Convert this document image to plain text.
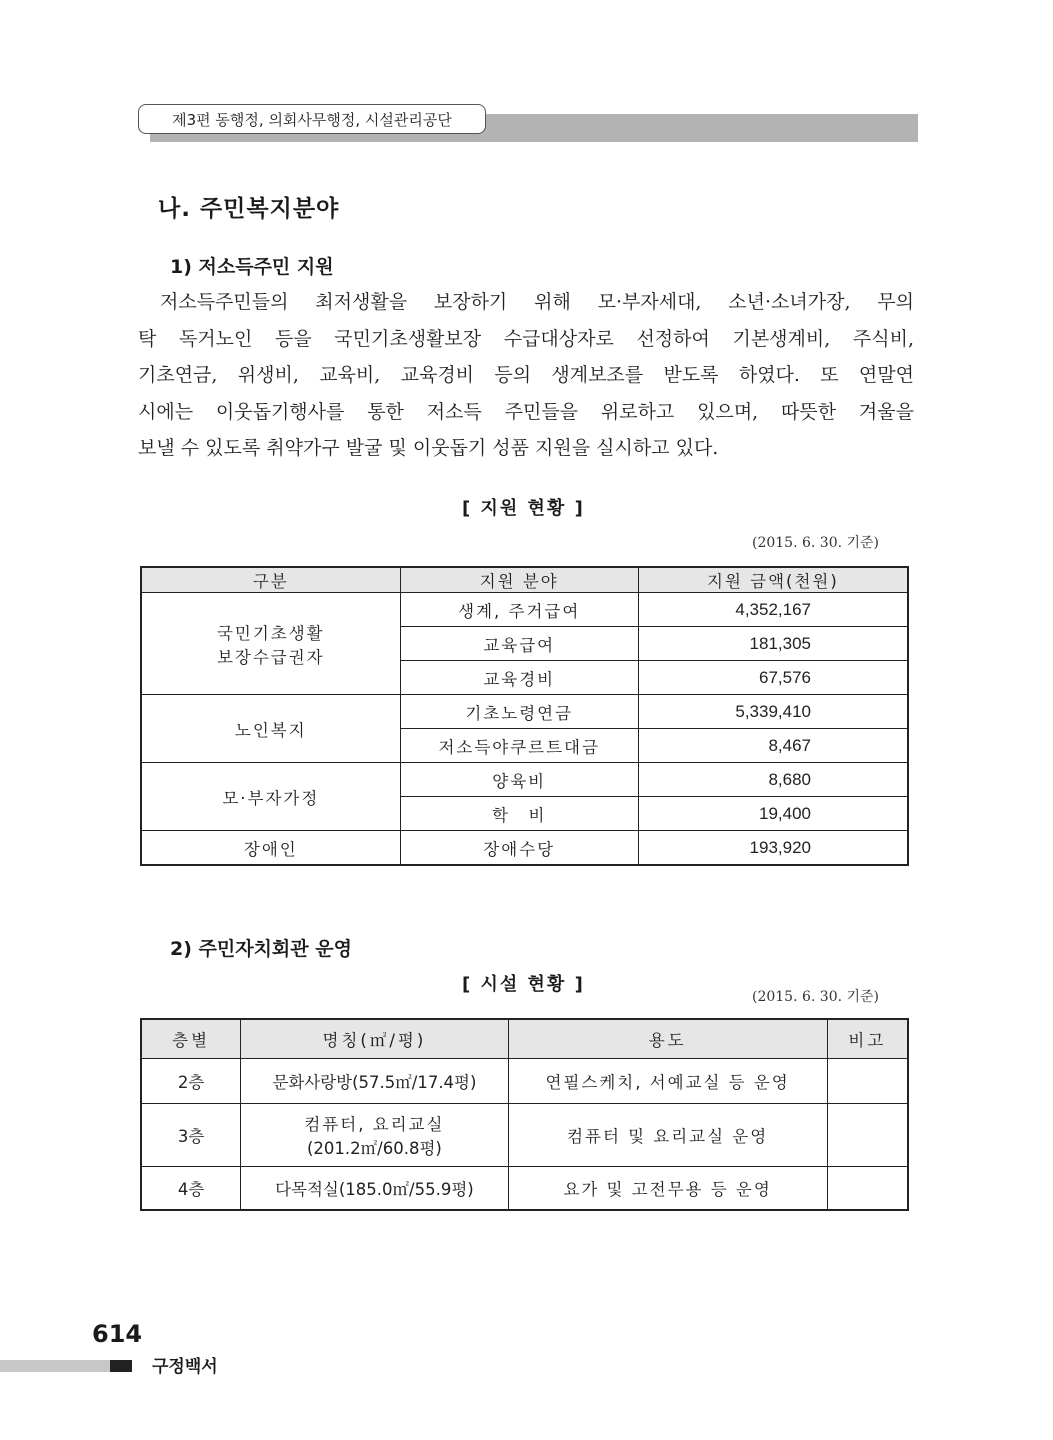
제3편 동행정, 의회사무행정, 시설관리공단
나. 주민복지분야
1) 저소득주민 지원
저소득주민들의 최저생활을 보장하기 위해 모·부자세대, 소년·소녀가장, 무의
탁 독거노인 등을 국민기초생활보장 수급대상자로 선정하여 기본생계비, 주식비,
기초연금, 위생비, 교육비, 교육경비 등의 생계보조를 받도록 하였다. 또 연말연
시에는 이웃돕기행사를 통한 저소득 주민들을 위로하고 있으며, 따뜻한 겨울을
보낼 수 있도록 취약가구 발굴 및 이웃돕기 성품 지원을 실시하고 있다.
[ 지원 현황 ]
(2015. 6. 30. 기준)
구분	지원 분야	지원 금액(천원)
국민기초생활
보장수급권자	생계, 주거급여	4,352,167
	교육급여	181,305
	교육경비	67,576
노인복지	기초노령연금	5,339,410
	저소득야쿠르트대금	8,467
모·부자가정	양육비	8,680
	학　비	19,400
장애인	장애수당	193,920
2) 주민자치회관 운영
[ 시설 현황 ]
(2015. 6. 30. 기준)
층별	명칭(㎡/평)	용도	비고
2층	문화사랑방(57.5㎡/17.4평)	연필스케치, 서예교실 등 운영	
3층	컴퓨터, 요리교실
(201.2㎡/60.8평)	컴퓨터 및 요리교실 운영	
4층	다목적실(185.0㎡/55.9평)	요가 및 고전무용 등 운영	
614
구정백서
